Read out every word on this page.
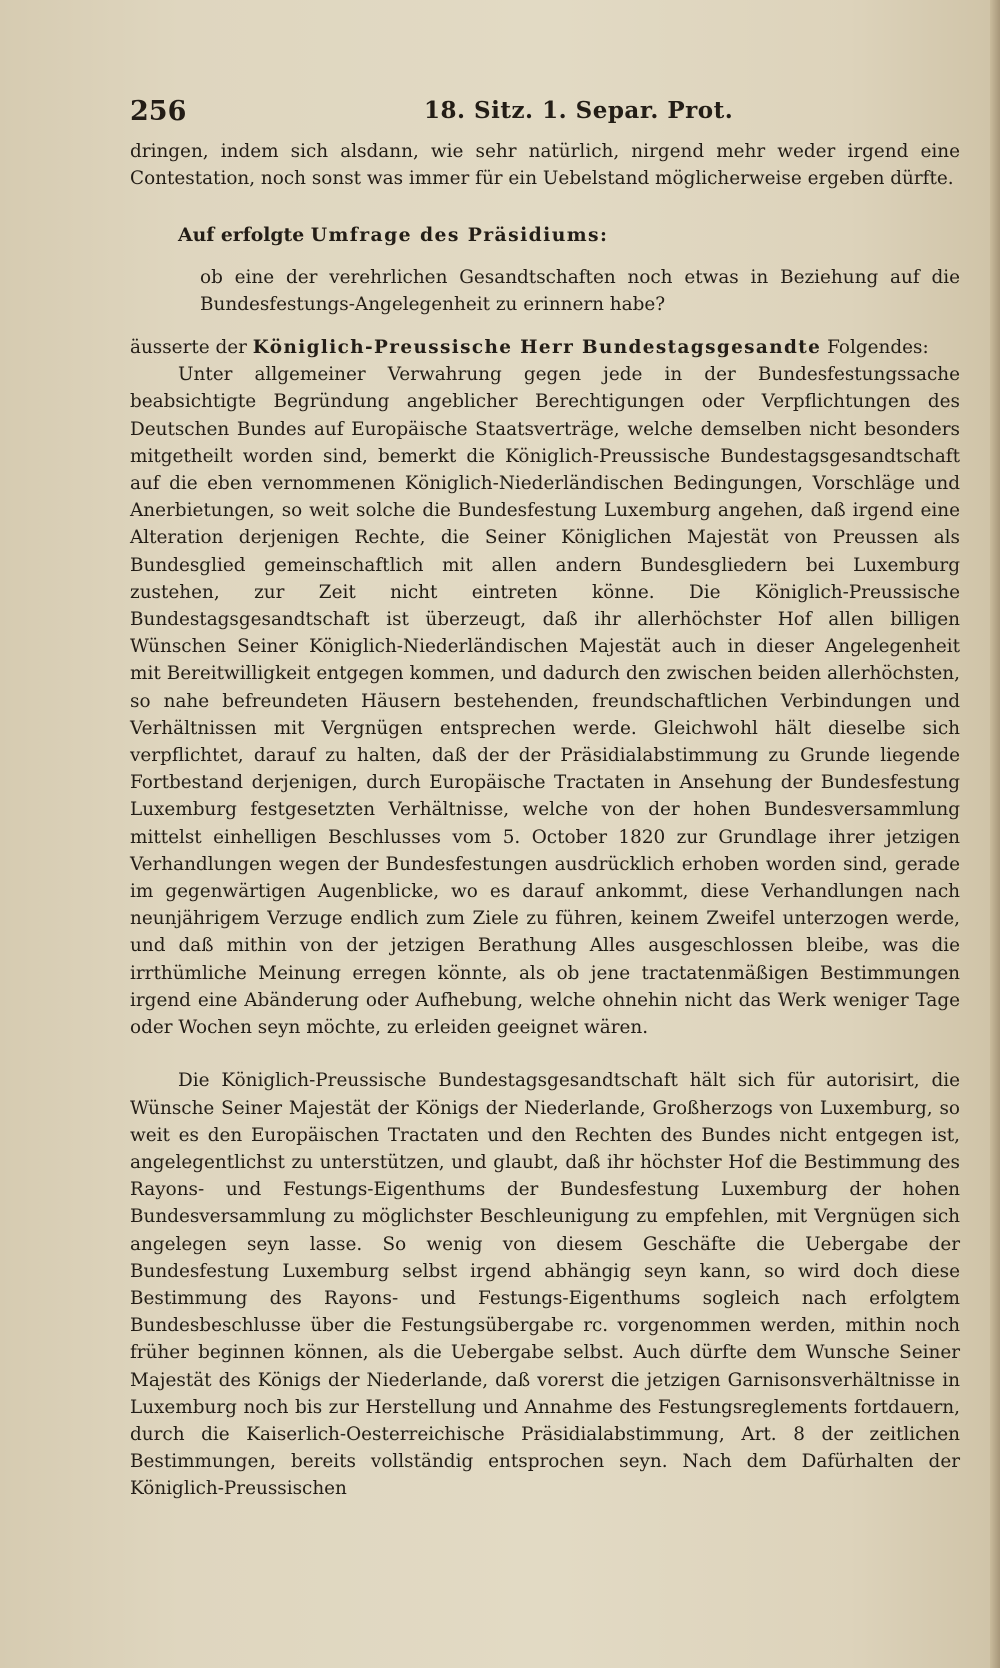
256	18. Sitz. 1. Separ. Prot.

dringen, indem sich alsdann, wie sehr natürlich, nirgend mehr weder irgend eine Contestation, noch sonst was immer für ein Uebelstand möglicherweise ergeben dürfte.

Auf erfolgte Umfrage des Präsidiums:

ob eine der verehrlichen Gesandtschaften noch etwas in Beziehung auf die Bundesfestungs-Angelegenheit zu erinnern habe?

äusserte der Königlich-Preussische Herr Bundestagsgesandte Folgendes:

Unter allgemeiner Verwahrung gegen jede in der Bundesfestungssache beabsichtigte Begründung angeblicher Berechtigungen oder Verpflichtungen des Deutschen Bundes auf Europäische Staatsverträge, welche demselben nicht besonders mitgetheilt worden sind, bemerkt die Königlich-Preussische Bundestagsgesandtschaft auf die eben vernommenen Königlich-Niederländischen Bedingungen, Vorschläge und Anerbietungen, so weit solche die Bundesfestung Luxemburg angehen, daß irgend eine Alteration derjenigen Rechte, die Seiner Königlichen Majestät von Preussen als Bundesglied gemeinschaftlich mit allen andern Bundesgliedern bei Luxemburg zustehen, zur Zeit nicht eintreten könne. Die Königlich-Preussische Bundestagsgesandtschaft ist überzeugt, daß ihr allerhöchster Hof allen billigen Wünschen Seiner Königlich-Niederländischen Majestät auch in dieser Angelegenheit mit Bereitwilligkeit entgegen kommen, und dadurch den zwischen beiden allerhöchsten, so nahe befreundeten Häusern bestehenden, freundschaftlichen Verbindungen und Verhältnissen mit Vergnügen entsprechen werde. Gleichwohl hält dieselbe sich verpflichtet, darauf zu halten, daß der der Präsidialabstimmung zu Grunde liegende Fortbestand derjenigen, durch Europäische Tractaten in Ansehung der Bundesfestung Luxemburg festgesetzten Verhältnisse, welche von der hohen Bundesversammlung mittelst einhelligen Beschlusses vom 5. October 1820 zur Grundlage ihrer jetzigen Verhandlungen wegen der Bundesfestungen ausdrücklich erhoben worden sind, gerade im gegenwärtigen Augenblicke, wo es darauf ankommt, diese Verhandlungen nach neunjährigem Verzuge endlich zum Ziele zu führen, keinem Zweifel unterzogen werde, und daß mithin von der jetzigen Berathung Alles ausgeschlossen bleibe, was die irrthümliche Meinung erregen könnte, als ob jene tractatenmäßigen Bestimmungen irgend eine Abänderung oder Aufhebung, welche ohnehin nicht das Werk weniger Tage oder Wochen seyn möchte, zu erleiden geeignet wären.

Die Königlich-Preussische Bundestagsgesandtschaft hält sich für autorisirt, die Wünsche Seiner Majestät der Königs der Niederlande, Großherzogs von Luxemburg, so weit es den Europäischen Tractaten und den Rechten des Bundes nicht entgegen ist, angelegentlichst zu unterstützen, und glaubt, daß ihr höchster Hof die Bestimmung des Rayons- und Festungs-Eigenthums der Bundesfestung Luxemburg der hohen Bundesversammlung zu möglichster Beschleunigung zu empfehlen, mit Vergnügen sich angelegen seyn lasse. So wenig von diesem Geschäfte die Uebergabe der Bundesfestung Luxemburg selbst irgend abhängig seyn kann, so wird doch diese Bestimmung des Rayons- und Festungs-Eigenthums sogleich nach erfolgtem Bundesbeschlusse über die Festungsübergabe rc. vorgenommen werden, mithin noch früher beginnen können, als die Uebergabe selbst. Auch dürfte dem Wunsche Seiner Majestät des Königs der Niederlande, daß vorerst die jetzigen Garnisonsverhältnisse in Luxemburg noch bis zur Herstellung und Annahme des Festungsreglements fortdauern, durch die Kaiserlich-Oesterreichische Präsidialabstimmung, Art. 8 der zeitlichen Bestimmungen, bereits vollständig entsprochen seyn. Nach dem Dafürhalten der Königlich-Preussischen
